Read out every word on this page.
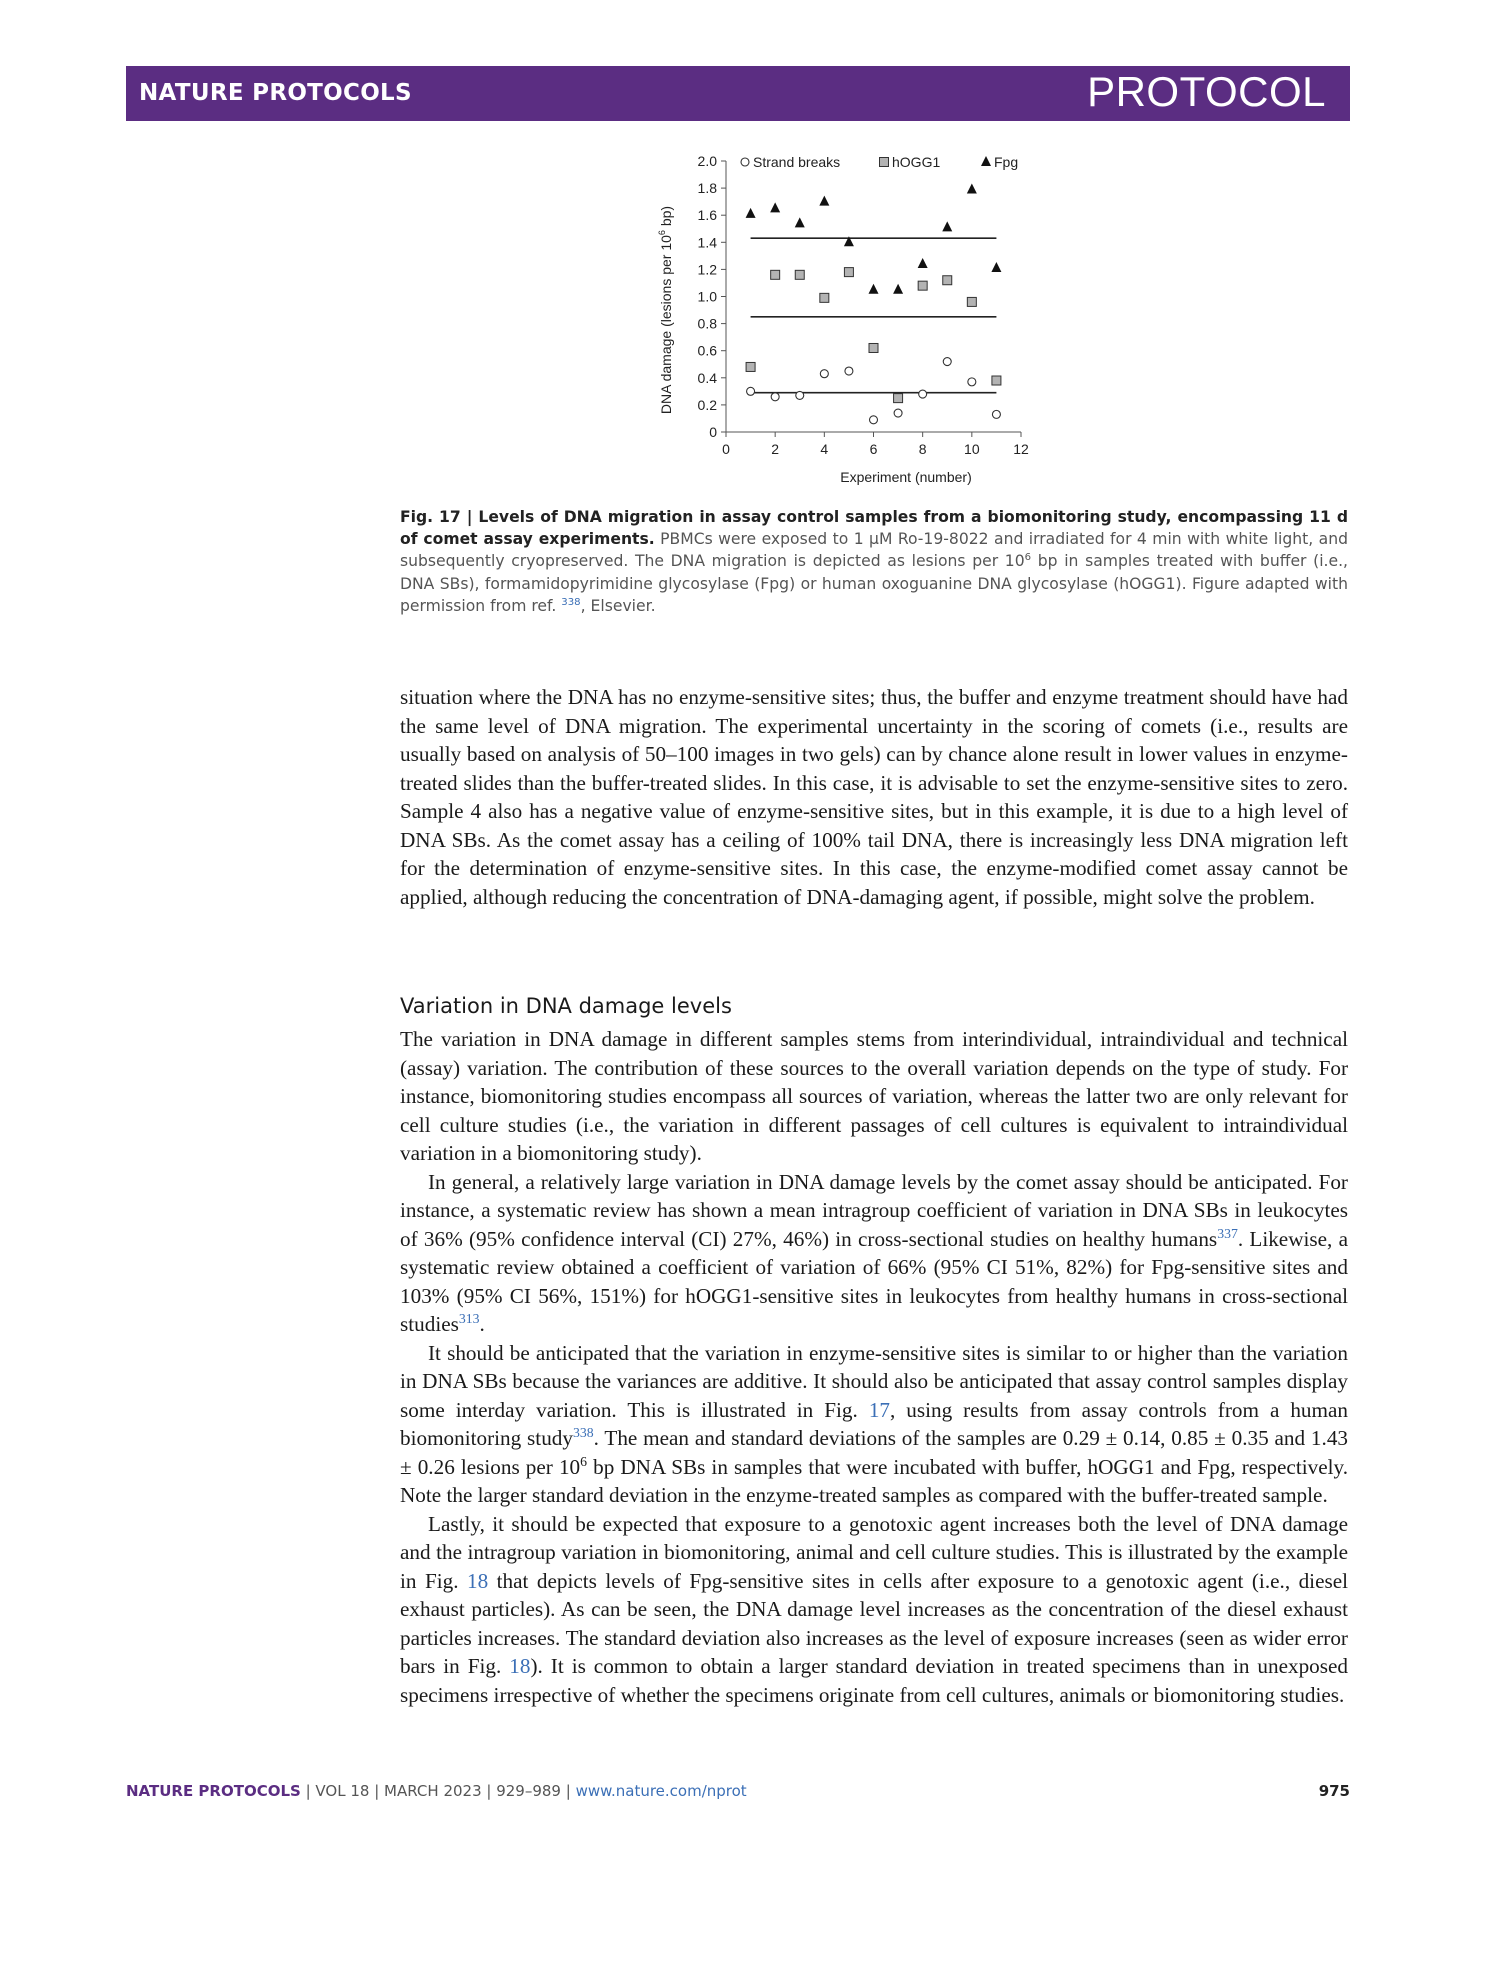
NATURE PROTOCOLS	PROTOCOL
0
0.2
0.4
0.6
0.8
1.0
1.2
1.4
1.6
1.8
2.0
0	2	4	6	8	10 12
Strand breaks	hOGG1	Fpg
Experiment (number)
DNA damage (lesions per $10^6$ bp)
Fig. 17 | Levels of DNA migration in assay control samples from a biomonitoring study, encompassing 11 d of comet assay experiments. PBMCs were exposed to 1 μM Ro-19-8022 and irradiated for 4 min with white light, and subsequently cryopreserved. The DNA migration is depicted as lesions per $10^6$ bp in samples treated with buffer (i.e., DNA SBs), formamidopyrimidine glycosylase (Fpg) or human oxoguanine DNA glycosylase (hOGG1). Figure adapted with permission from ref. $^{338}$, Elsevier.

situation where the DNA has no enzyme-sensitive sites; thus, the buffer and enzyme treatment should have had the same level of DNA migration. The experimental uncertainty in the scoring of comets (i.e., results are usually based on analysis of 50–100 images in two gels) can by chance alone result in lower values in enzyme-treated slides than the buffer-treated slides. In this case, it is advisable to set the enzyme-sensitive sites to zero. Sample 4 also has a negative value of enzyme-sensitive sites, but in this example, it is due to a high level of DNA SBs. As the comet assay has a ceiling of 100% tail DNA, there is increasingly less DNA migration left for the determination of enzyme-sensitive sites. In this case, the enzyme-modified comet assay cannot be applied, although reducing the concentration of DNA-damaging agent, if possible, might solve the problem.

Variation in DNA damage levels

The variation in DNA damage in different samples stems from interindividual, intraindividual and technical (assay) variation. The contribution of these sources to the overall variation depends on the type of study. For instance, biomonitoring studies encompass all sources of variation, whereas the latter two are only relevant for cell culture studies (i.e., the variation in different passages of cell cultures is equivalent to intraindividual variation in a biomonitoring study).

In general, a relatively large variation in DNA damage levels by the comet assay should be anticipated. For instance, a systematic review has shown a mean intragroup coefficient of variation in DNA SBs in leukocytes of 36% (95% confidence interval (CI) 27%, 46%) in cross-sectional studies on healthy humans$^{337}$. Likewise, a systematic review obtained a coefficient of variation of 66% (95% CI 51%, 82%) for Fpg-sensitive sites and 103% (95% CI 56%, 151%) for hOGG1-sensitive sites in leukocytes from healthy humans in cross-sectional studies$^{313}$.

It should be anticipated that the variation in enzyme-sensitive sites is similar to or higher than the variation in DNA SBs because the variances are additive. It should also be anticipated that assay control samples display some interday variation. This is illustrated in Fig. 17, using results from assay controls from a human biomonitoring study$^{338}$. The mean and standard deviations of the samples are 0.29 ± 0.14, 0.85 ± 0.35 and 1.43 ± 0.26 lesions per $10^6$ bp DNA SBs in samples that were incubated with buffer, hOGG1 and Fpg, respectively. Note the larger standard deviation in the enzyme-treated samples as compared with the buffer-treated sample.

Lastly, it should be expected that exposure to a genotoxic agent increases both the level of DNA damage and the intragroup variation in biomonitoring, animal and cell culture studies. This is illustrated by the example in Fig. 18 that depicts levels of Fpg-sensitive sites in cells after exposure to a genotoxic agent (i.e., diesel exhaust particles). As can be seen, the DNA damage level increases as the concentration of the diesel exhaust particles increases. The standard deviation also increases as the level of exposure increases (seen as wider error bars in Fig. 18). It is common to obtain a larger standard deviation in treated specimens than in unexposed specimens irrespective of whether the specimens originate from cell cultures, animals or biomonitoring studies.

NATURE PROTOCOLS | VOL 18 | MARCH 2023 | 929–989 | www.nature.com/nprot	975
